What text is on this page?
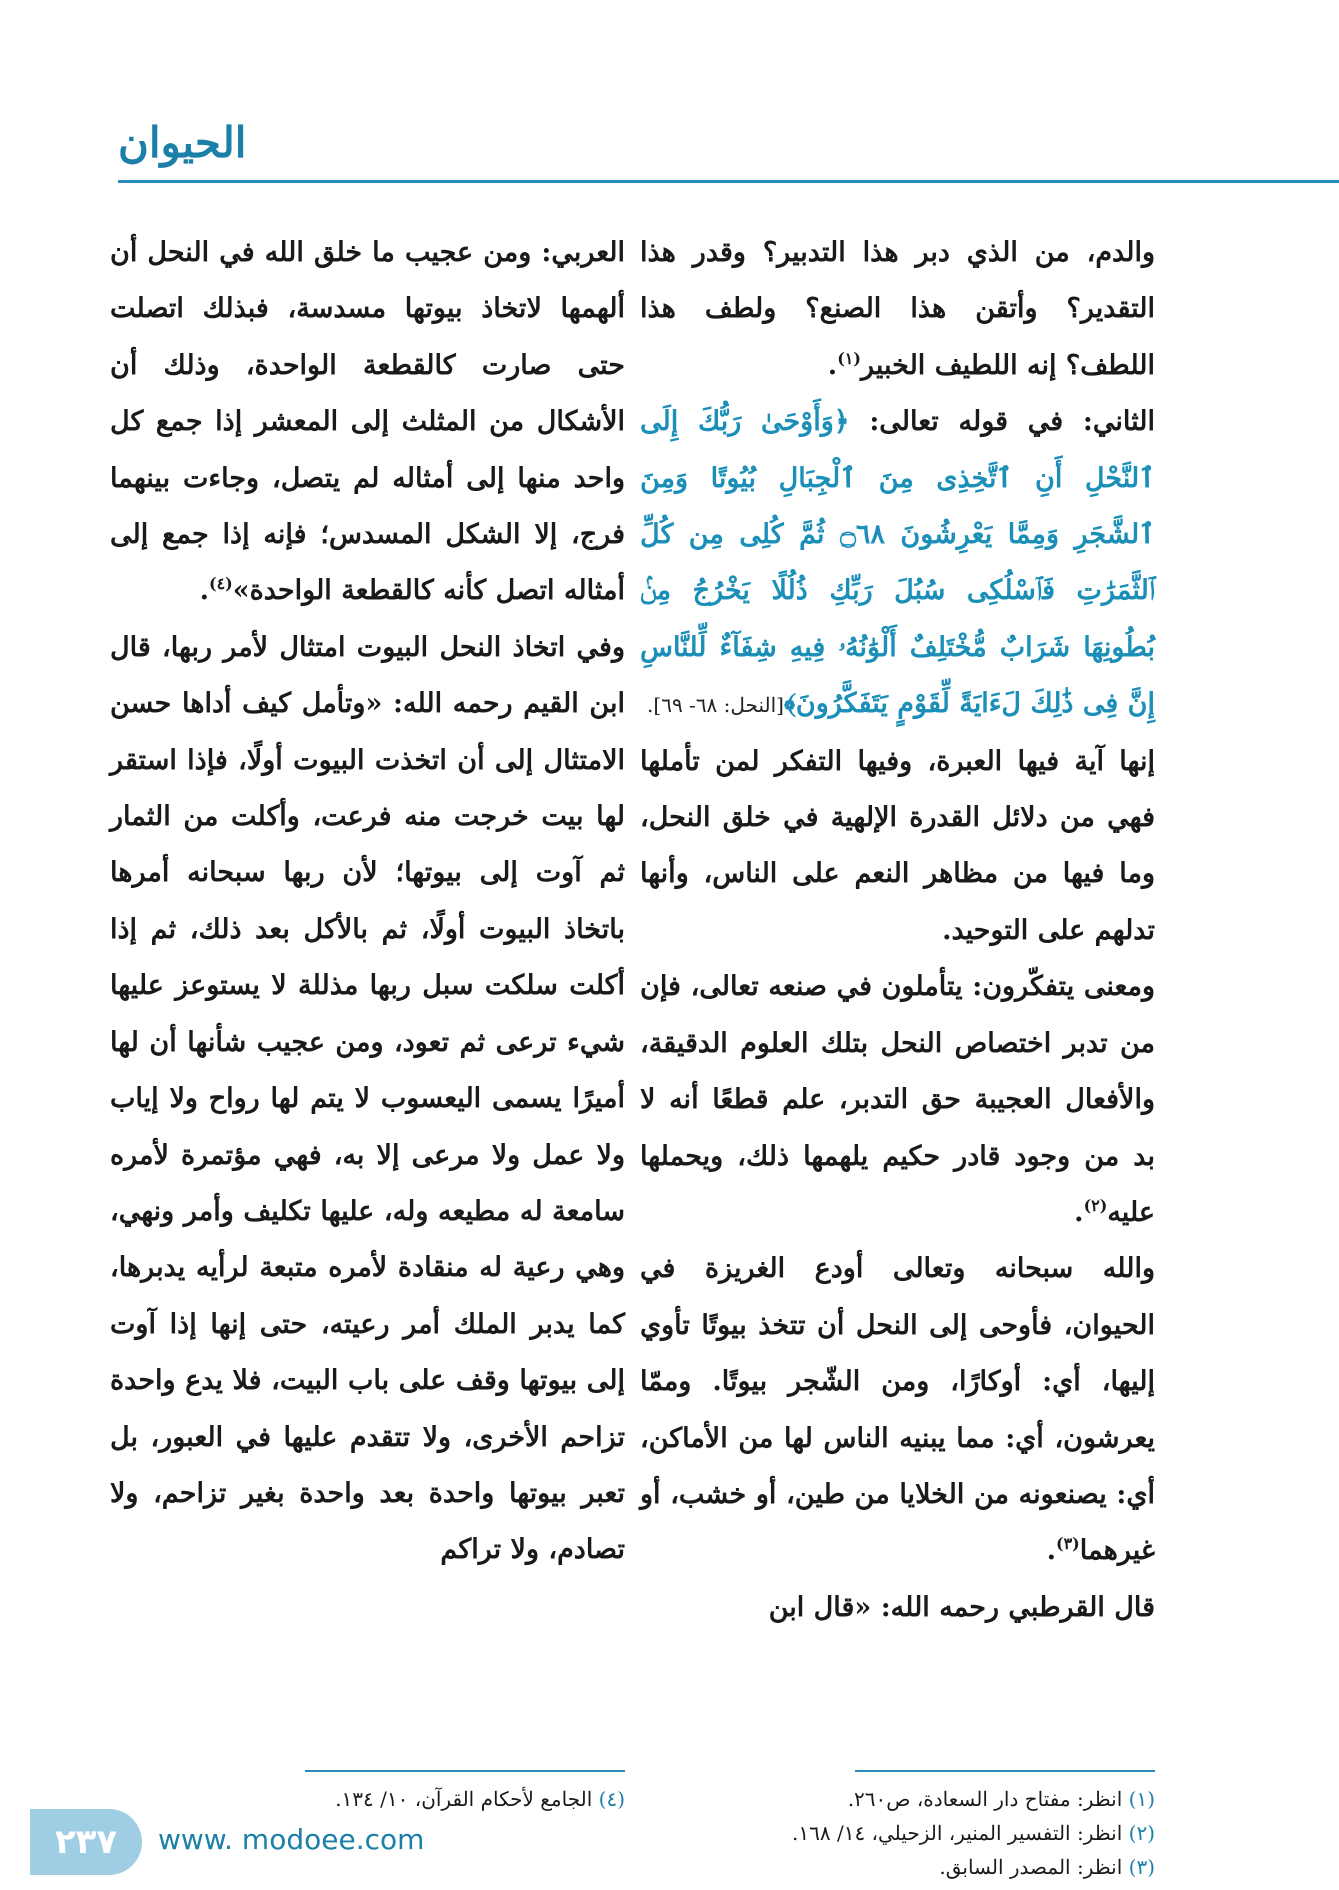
الحيوان

والدم، من الذي دبر هذا التدبير؟ وقدر هذا التقدير؟ وأتقن هذا الصنع؟ ولطف هذا اللطف؟ إنه اللطيف الخبير$^{(١)}$.

الثاني: في قوله تعالى: ﴿وَأَوْحَىٰ رَبُّكَ إِلَى ٱلنَّحْلِ أَنِ ٱتَّخِذِى مِنَ ٱلْجِبَالِ بُيُوتًا وَمِنَ ٱلشَّجَرِ وَمِمَّا يَعْرِشُونَ ۝٦٨ ثُمَّ كُلِى مِن كُلِّ ٱلثَّمَرَٰتِ فَٱسْلُكِى سُبُلَ رَبِّكِ ذُلُلًا يَخْرُجُ مِنۢ بُطُونِهَا شَرَابٌ مُّخْتَلِفٌ أَلْوَٰنُهُۥ فِيهِ شِفَآءٌ لِّلنَّاسِ إِنَّ فِى ذَٰلِكَ لَءَايَةً لِّقَوْمٍ يَتَفَكَّرُونَ﴾[النحل: ٦٨- ٦٩].

إنها آية فيها العبرة، وفيها التفكر لمن تأملها فهي من دلائل القدرة الإلهية في خلق النحل، وما فيها من مظاهر النعم على الناس، وأنها تدلهم على التوحيد.

ومعنى يتفكّرون: يتأملون في صنعه تعالى، فإن من تدبر اختصاص النحل بتلك العلوم الدقيقة، والأفعال العجيبة حق التدبر، علم قطعًا أنه لا بد من وجود قادر حكيم يلهمها ذلك، ويحملها عليه$^{(٢)}$.

والله سبحانه وتعالى أودع الغريزة في الحيوان، فأوحى إلى النحل أن تتخذ بيوتًا تأوي إليها، أي: أوكارًا، ومن الشّجر بيوتًا. وممّا يعرشون، أي: مما يبنيه الناس لها من الأماكن، أي: يصنعونه من الخلايا من طين، أو خشب، أو غيرهما$^{(٣)}$.

قال القرطبي رحمه الله: «قال ابن

العربي: ومن عجيب ما خلق الله في النحل أن ألهمها لاتخاذ بيوتها مسدسة، فبذلك اتصلت حتى صارت كالقطعة الواحدة، وذلك أن الأشكال من المثلث إلى المعشر إذا جمع كل واحد منها إلى أمثاله لم يتصل، وجاءت بينهما فرج، إلا الشكل المسدس؛ فإنه إذا جمع إلى أمثاله اتصل كأنه كالقطعة الواحدة»$^{(٤)}$.

وفي اتخاذ النحل البيوت امتثال لأمر ربها، قال ابن القيم رحمه الله: «وتأمل كيف أداها حسن الامتثال إلى أن اتخذت البيوت أولًا، فإذا استقر لها بيت خرجت منه فرعت، وأكلت من الثمار ثم آوت إلى بيوتها؛ لأن ربها سبحانه أمرها باتخاذ البيوت أولًا، ثم بالأكل بعد ذلك، ثم إذا أكلت سلكت سبل ربها مذللة لا يستوعز عليها شيء ترعى ثم تعود، ومن عجيب شأنها أن لها أميرًا يسمى اليعسوب لا يتم لها رواح ولا إياب ولا عمل ولا مرعى إلا به، فهي مؤتمرة لأمره سامعة له مطيعه وله، عليها تكليف وأمر ونهي، وهي رعية له منقادة لأمره متبعة لرأيه يدبرها، كما يدبر الملك أمر رعيته، حتى إنها إذا آوت إلى بيوتها وقف على باب البيت، فلا يدع واحدة تزاحم الأخرى، ولا تتقدم عليها في العبور، بل تعبر بيوتها واحدة بعد واحدة بغير تزاحم، ولا تصادم، ولا تراكم

(١) انظر: مفتاح دار السعادة، ص٢٦٠.

(٢) انظر: التفسير المنير، الزحيلي، ١٤/ ١٦٨.

(٣) انظر: المصدر السابق.

(٤) الجامع لأحكام القرآن، ١٠/ ١٣٤.

٢٣٧	www. modoee.com
